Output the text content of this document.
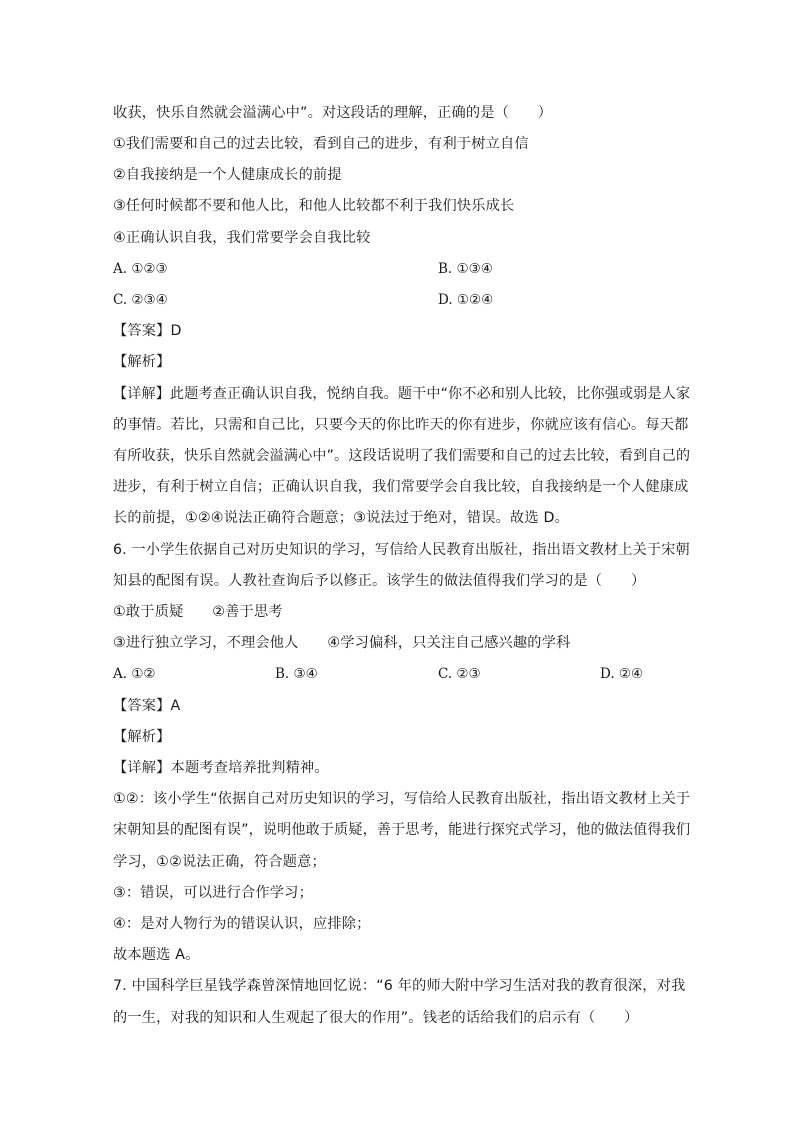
收获，快乐自然就会溢满心中”。对这段话的理解，正确的是（　　）
①我们需要和自己的过去比较，看到自己的进步，有利于树立自信
②自我接纳是一个人健康成长的前提
③任何时候都不要和他人比，和他人比较都不利于我们快乐成长
④正确认识自我，我们常要学会自我比较
A. ①②③	B. ①③④
C. ②③④	D. ①②④
【答案】D
【解析】
【详解】此题考查正确认识自我，悦纳自我。题干中“你不必和别人比较，比你强或弱是人家
的事情。若比，只需和自己比，只要今天的你比昨天的你有进步，你就应该有信心。每天都
有所收获，快乐自然就会溢满心中”。这段话说明了我们需要和自己的过去比较，看到自己的
进步，有利于树立自信；正确认识自我，我们常要学会自我比较，自我接纳是一个人健康成
长的前提，①②④说法正确符合题意；③说法过于绝对，错误。故选 D。
6. 一小学生依据自己对历史知识的学习，写信给人民教育出版社，指出语文教材上关于宋朝
知县的配图有误。人教社查询后予以修正。该学生的做法值得我们学习的是（　　）
①敢于质疑　　②善于思考
③进行独立学习，不理会他人　　④学习偏科，只关注自己感兴趣的学科
A. ①②	B. ③④	C. ②③	D. ②④
【答案】A
【解析】
【详解】本题考查培养批判精神。
①②：该小学生“依据自己对历史知识的学习，写信给人民教育出版社，指出语文教材上关于
宋朝知县的配图有误”，说明他敢于质疑，善于思考，能进行探究式学习，他的做法值得我们
学习，①②说法正确，符合题意；
③：错误，可以进行合作学习；
④：是对人物行为的错误认识，应排除；
故本题选 A。
7. 中国科学巨星钱学森曾深情地回忆说：“6 年的师大附中学习生活对我的教育很深，对我
的一生，对我的知识和人生观起了很大的作用”。钱老的话给我们的启示有（　　）
